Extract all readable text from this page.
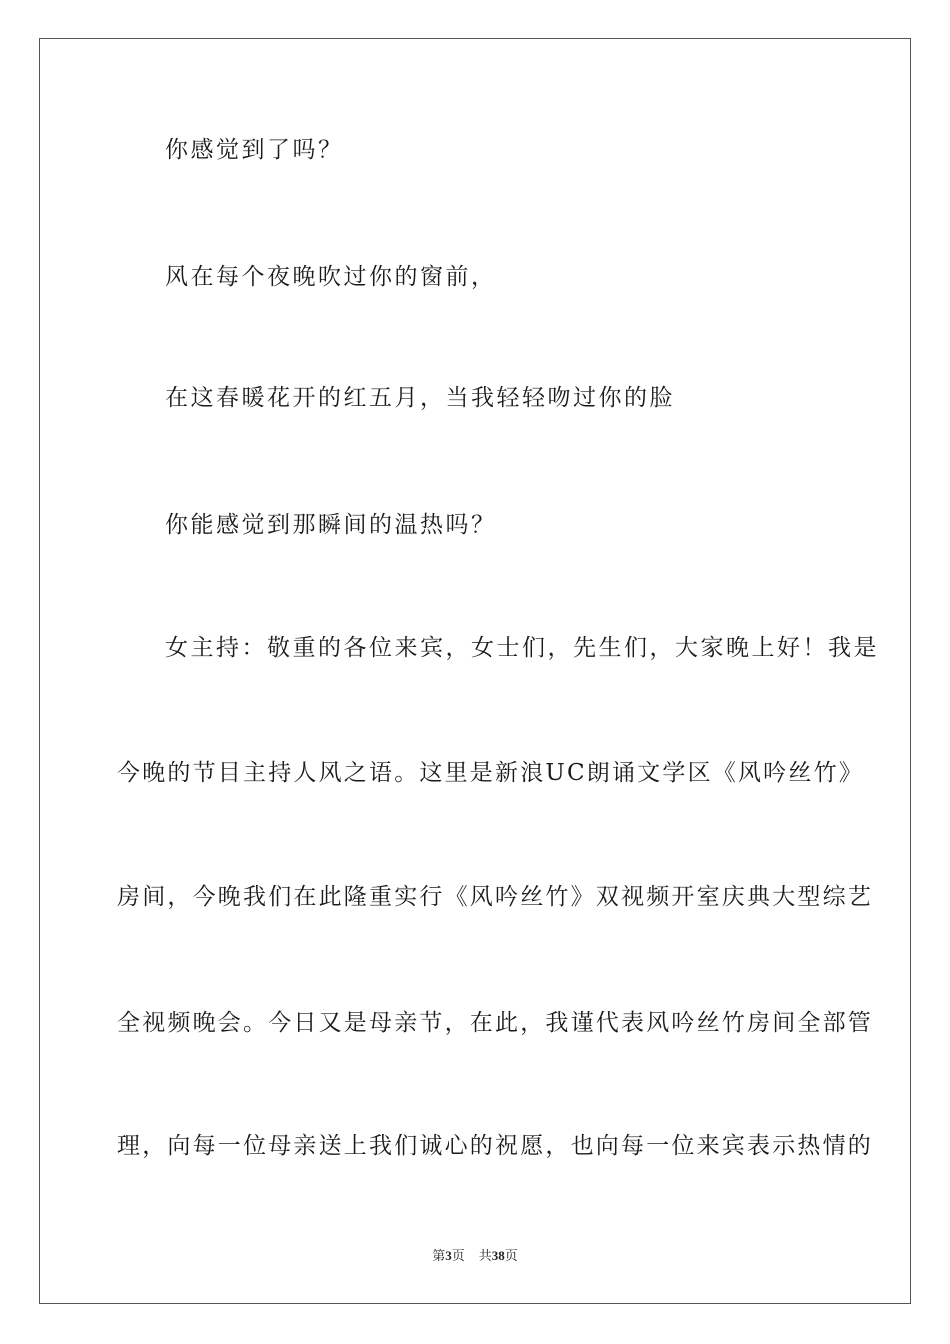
你感觉到了吗？
风在每个夜晚吹过你的窗前，
在这春暖花开的红五月，当我轻轻吻过你的脸
你能感觉到那瞬间的温热吗？
女主持：敬重的各位来宾，女士们，先生们，大家晚上好！我是
今晚的节目主持人风之语。这里是新浪UC朗诵文学区《风吟丝竹》
房间，今晚我们在此隆重实行《风吟丝竹》双视频开室庆典大型综艺
全视频晚会。今日又是母亲节，在此，我谨代表风吟丝竹房间全部管
理，向每一位母亲送上我们诚心的祝愿，也向每一位来宾表示热情的
第3页 共38页
